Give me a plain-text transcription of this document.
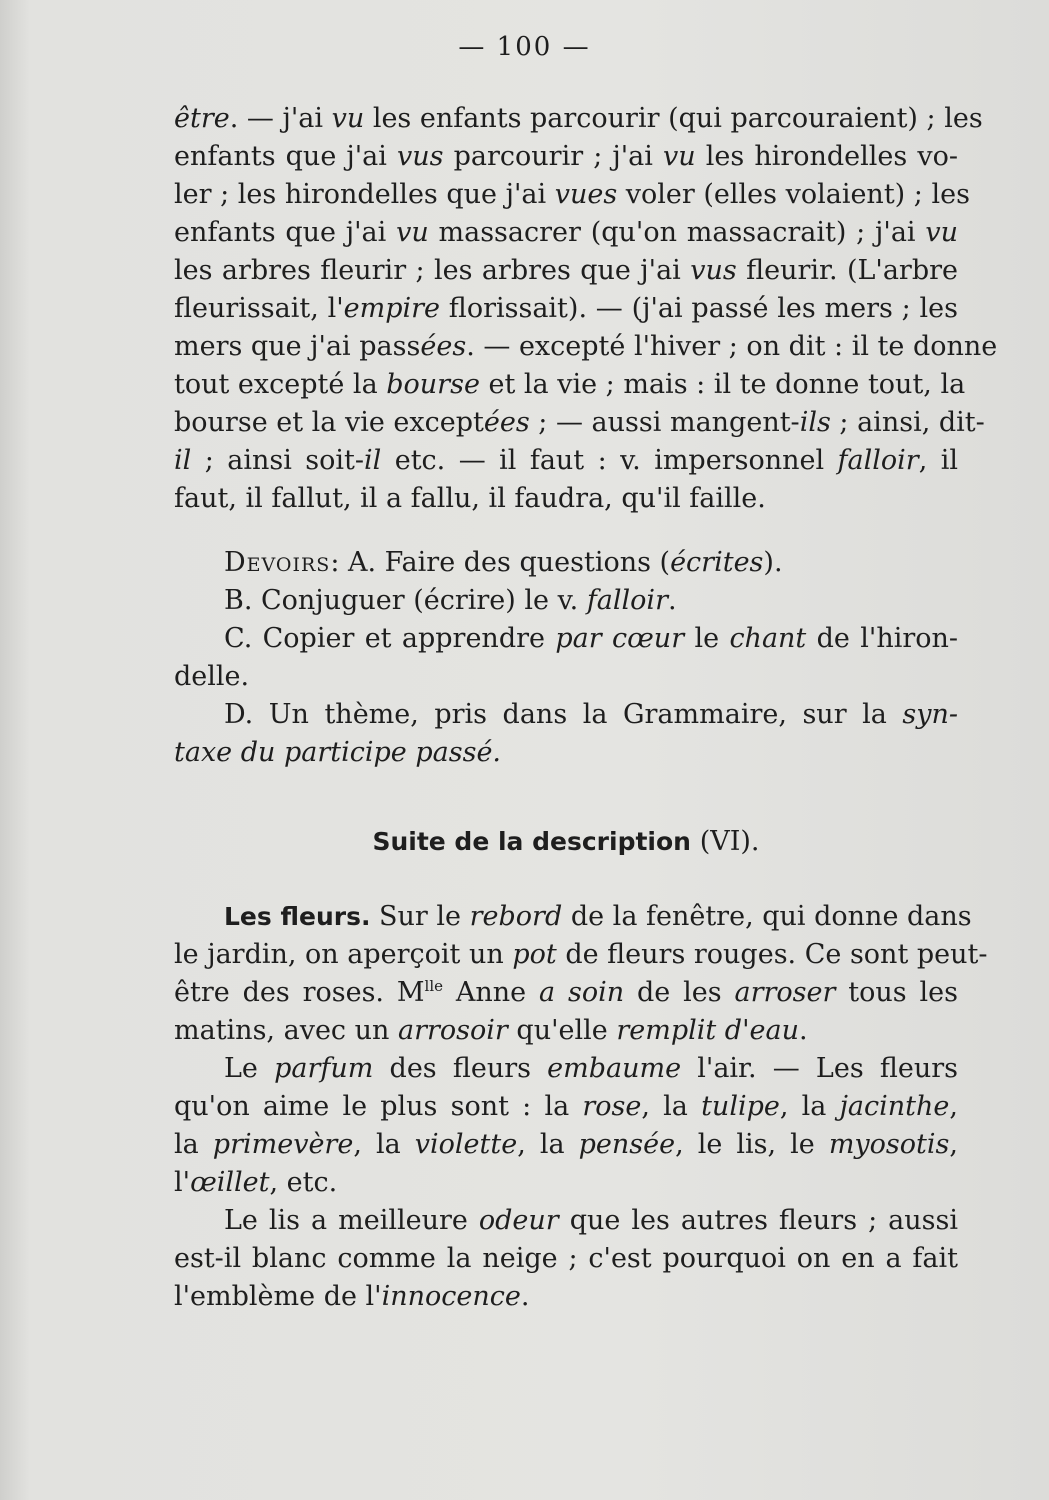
— 100 —
être. — j'ai vu les enfants parcourir (qui parcouraient) ; les
enfants que j'ai vus parcourir ; j'ai vu les hirondelles vo-
ler ; les hirondelles que j'ai vues voler (elles volaient) ; les
enfants que j'ai vu massacrer (qu'on massacrait) ; j'ai vu
les arbres fleurir ; les arbres que j'ai vus fleurir. (L'arbre
fleurissait, l'empire florissait). — (j'ai passé les mers ; les
mers que j'ai passées. — excepté l'hiver ; on dit : il te donne
tout excepté la bourse et la vie ; mais : il te donne tout, la
bourse et la vie exceptées ; — aussi mangent-ils ; ainsi, dit-
il ; ainsi soit-il etc. — il faut : v. impersonnel falloir, il
faut, il fallut, il a fallu, il faudra, qu'il faille.
Devoirs: A. Faire des questions (écrites).
B. Conjuguer (écrire) le v. falloir.
C. Copier et apprendre par cœur le chant de l'hiron-
delle.
D. Un thème, pris dans la Grammaire, sur la syn-
taxe du participe passé.
Suite de la description (VI).
Les fleurs. Sur le rebord de la fenêtre, qui donne dans
le jardin, on aperçoit un pot de fleurs rouges. Ce sont peut-
être des roses. $M^{lle}$ Anne a soin de les arroser tous les
matins, avec un arrosoir qu'elle remplit d'eau.
Le parfum des fleurs embaume l'air. — Les fleurs
qu'on aime le plus sont : la rose, la tulipe, la jacinthe,
la primevère, la violette, la pensée, le lis, le myosotis,
l'œillet, etc.
Le lis a meilleure odeur que les autres fleurs ; aussi
est-il blanc comme la neige ; c'est pourquoi on en a fait
l'emblème de l'innocence.
